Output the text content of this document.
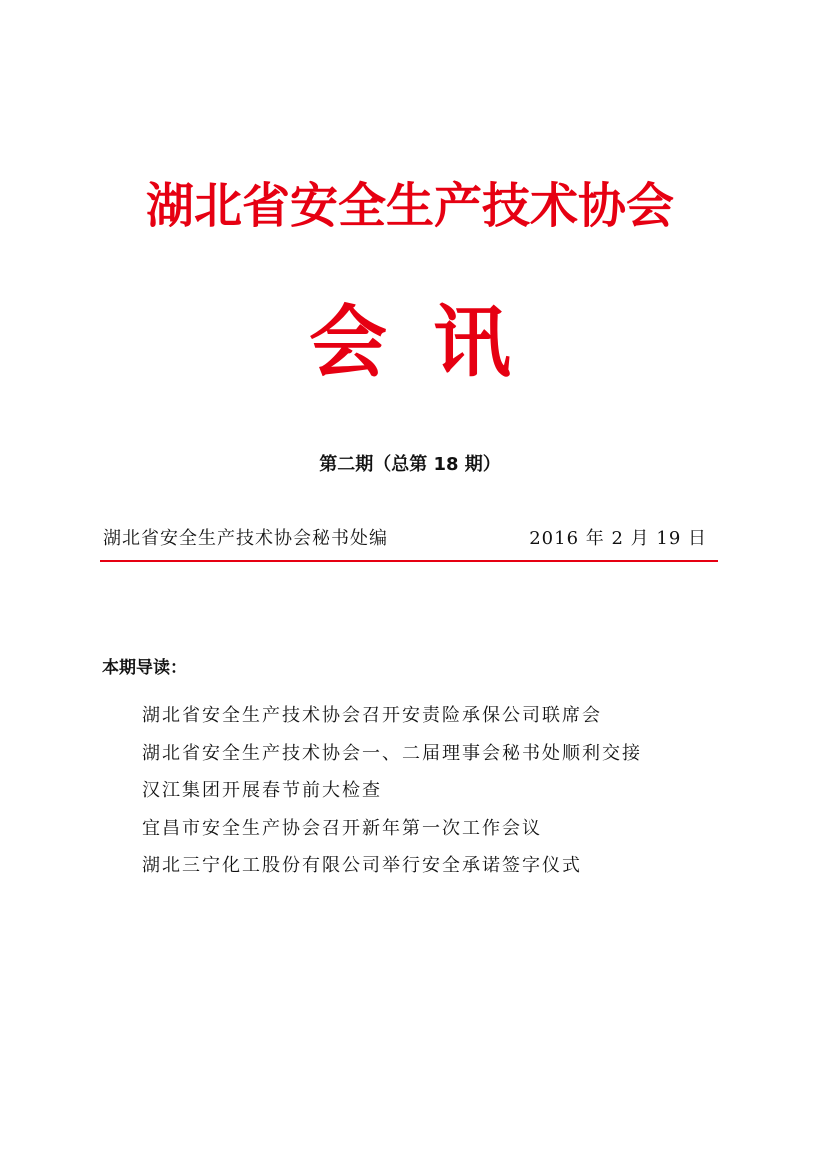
湖北省安全生产技术协会
会讯
第二期（总第 18 期）
湖北省安全生产技术协会秘书处编	2016 年 2 月 19 日
本期导读：
湖北省安全生产技术协会召开安责险承保公司联席会
湖北省安全生产技术协会一、二届理事会秘书处顺利交接
汉江集团开展春节前大检查
宜昌市安全生产协会召开新年第一次工作会议
湖北三宁化工股份有限公司举行安全承诺签字仪式
